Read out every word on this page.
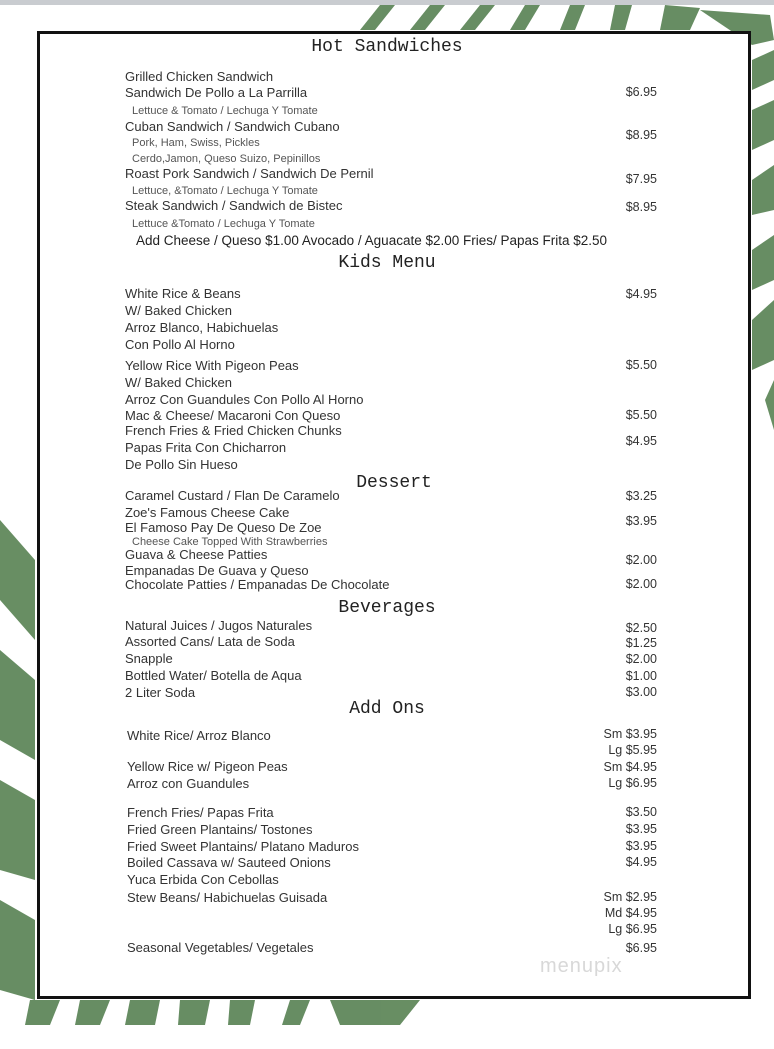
Hot Sandwiches
Grilled Chicken Sandwich
Sandwich De Pollo a La Parrilla
Lettuce & Tomato / Lechuga Y Tomate
Cuban Sandwich / Sandwich Cubano
Pork, Ham, Swiss, Pickles
Cerdo,Jamon, Queso Suizo, Pepinillos
Roast Pork Sandwich / Sandwich De Pernil
Lettuce, &Tomato / Lechuga Y Tomate
Steak Sandwich / Sandwich de Bistec
Lettuce &Tomato / Lechuga Y Tomate
Add Cheese / Queso $1.00 Avocado / Aguacate $2.00 Fries/ Papas Frita $2.50
$6.95
$8.95
$7.95
$8.95
Kids Menu
White Rice & Beans
W/ Baked Chicken
Arroz Blanco, Habichuelas
Con Pollo Al Horno
Yellow Rice With Pigeon Peas
W/ Baked Chicken
Arroz Con Guandules Con Pollo Al Horno
Mac & Cheese/ Macaroni Con Queso
French Fries & Fried Chicken Chunks
Papas Frita Con Chicharron
De Pollo Sin Hueso
$4.95
$5.50
$5.50
$4.95
Dessert
Caramel Custard / Flan De Caramelo
Zoe's Famous Cheese Cake
El Famoso Pay De Queso De Zoe
Cheese Cake Topped With Strawberries
Guava & Cheese Patties
Empanadas De Guava y Queso
Chocolate Patties / Empanadas De Chocolate
$3.25
$3.95
$2.00
$2.00
Beverages
Natural Juices / Jugos Naturales
Assorted Cans/ Lata de Soda
Snapple
Bottled Water/ Botella de Aqua
2 Liter Soda
$2.50
$1.25
$2.00
$1.00
$3.00
Add Ons
White Rice/ Arroz Blanco
Yellow Rice w/ Pigeon Peas
Arroz con Guandules
French Fries/ Papas Frita
Fried Green Plantains/ Tostones
Fried Sweet Plantains/ Platano Maduros
Boiled Cassava w/ Sauteed Onions
Yuca Erbida Con Cebollas
Stew Beans/ Habichuelas Guisada
Seasonal Vegetables/ Vegetales
Sm $3.95
Lg $5.95
Sm $4.95
Lg $6.95
$3.50
$3.95
$3.95
$4.95
Sm $2.95
Md $4.95
Lg $6.95
$6.95
menupix
